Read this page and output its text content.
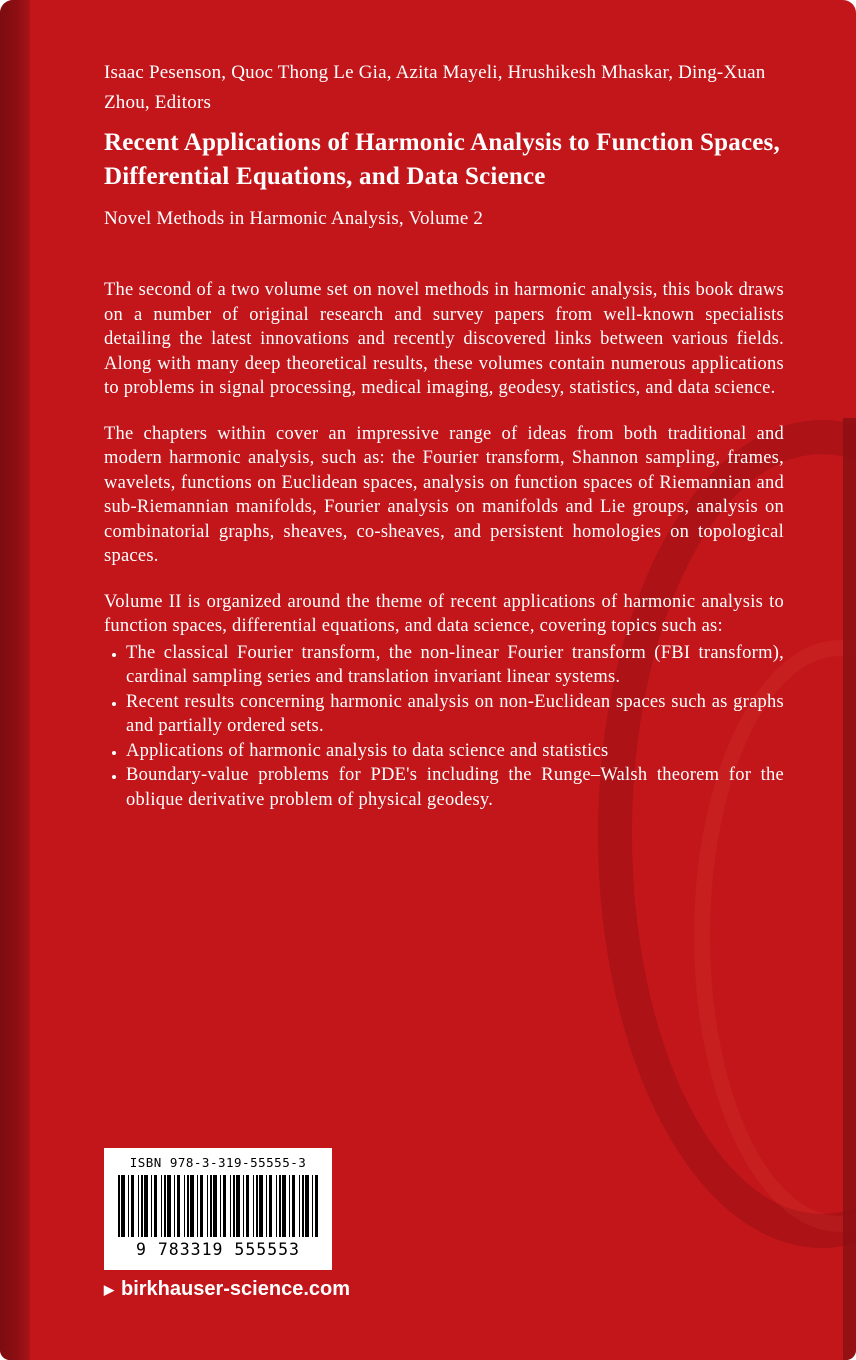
Isaac Pesenson, Quoc Thong Le Gia, Azita Mayeli, Hrushikesh Mhaskar, Ding-Xuan Zhou, Editors
Recent Applications of Harmonic Analysis to Function Spaces, Differential Equations, and Data Science
Novel Methods in Harmonic Analysis, Volume 2

The second of a two volume set on novel methods in harmonic analysis, this book draws on a number of original research and survey papers from well-known specialists detailing the latest innovations and recently discovered links between various fields. Along with many deep theoretical results, these volumes contain numerous applications to problems in signal processing, medical imaging, geodesy, statistics, and data science.

The chapters within cover an impressive range of ideas from both traditional and modern harmonic analysis, such as: the Fourier transform, Shannon sampling, frames, wavelets, functions on Euclidean spaces, analysis on function spaces of Riemannian and sub-Riemannian manifolds, Fourier analysis on manifolds and Lie groups, analysis on combinatorial graphs, sheaves, co-sheaves, and persistent homologies on topological spaces.

Volume II is organized around the theme of recent applications of harmonic analysis to function spaces, differential equations, and data science, covering topics such as:

• The classical Fourier transform, the non-linear Fourier transform (FBI transform), cardinal sampling series and translation invariant linear systems.
• Recent results concerning harmonic analysis on non-Euclidean spaces such as graphs and partially ordered sets.
• Applications of harmonic analysis to data science and statistics
• Boundary-value problems for PDE's including the Runge–Walsh theorem for the oblique derivative problem of physical geodesy.
ISBN 978-3-319-55555-3
9 783319 555553
▶ birkhauser-science.com
